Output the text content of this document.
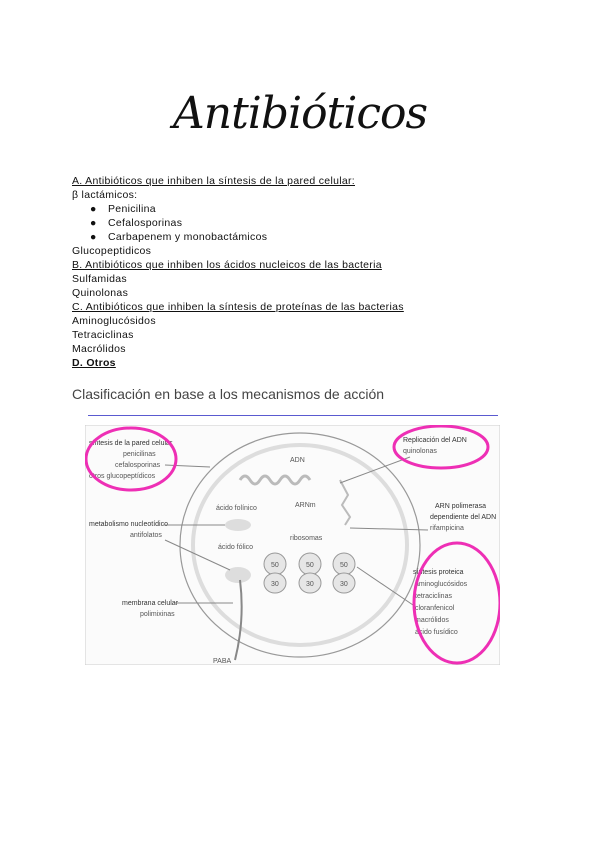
Antibióticos
A. Antibióticos que inhiben la síntesis de la pared celular:
β lactámicos:
● Penicilina
● Cefalosporinas
● Carbapenem y monobactámicos
Glucopeptidicos
B. Antibióticos que inhiben los ácidos nucleicos de las bacteria
Sulfamidas
Quinolonas
C. Antibióticos que inhiben la síntesis de proteínas de las bacterias
Aminoglucósidos
Tetraciclinas
Macrólidos
D. Otros
Clasificación en base a los mecanismos de acción
ADN
ARNm
ácido folínico
ácido fólico
PABA
ribosomas
50
30
50
30
50
30
síntesis de la pared celular
penicilinas
cefalosporinas
otros glucopeptídicos
Replicación del ADN
quinolonas
ARN polimerasa
dependiente del ADN
rifampicina
metabolismo nucleotídico
antifolatos
membrana celular
polimixinas
síntesis proteica
aminoglucósidos
tetraciclinas
cloranfenicol
macrólidos
ácido fusídico
